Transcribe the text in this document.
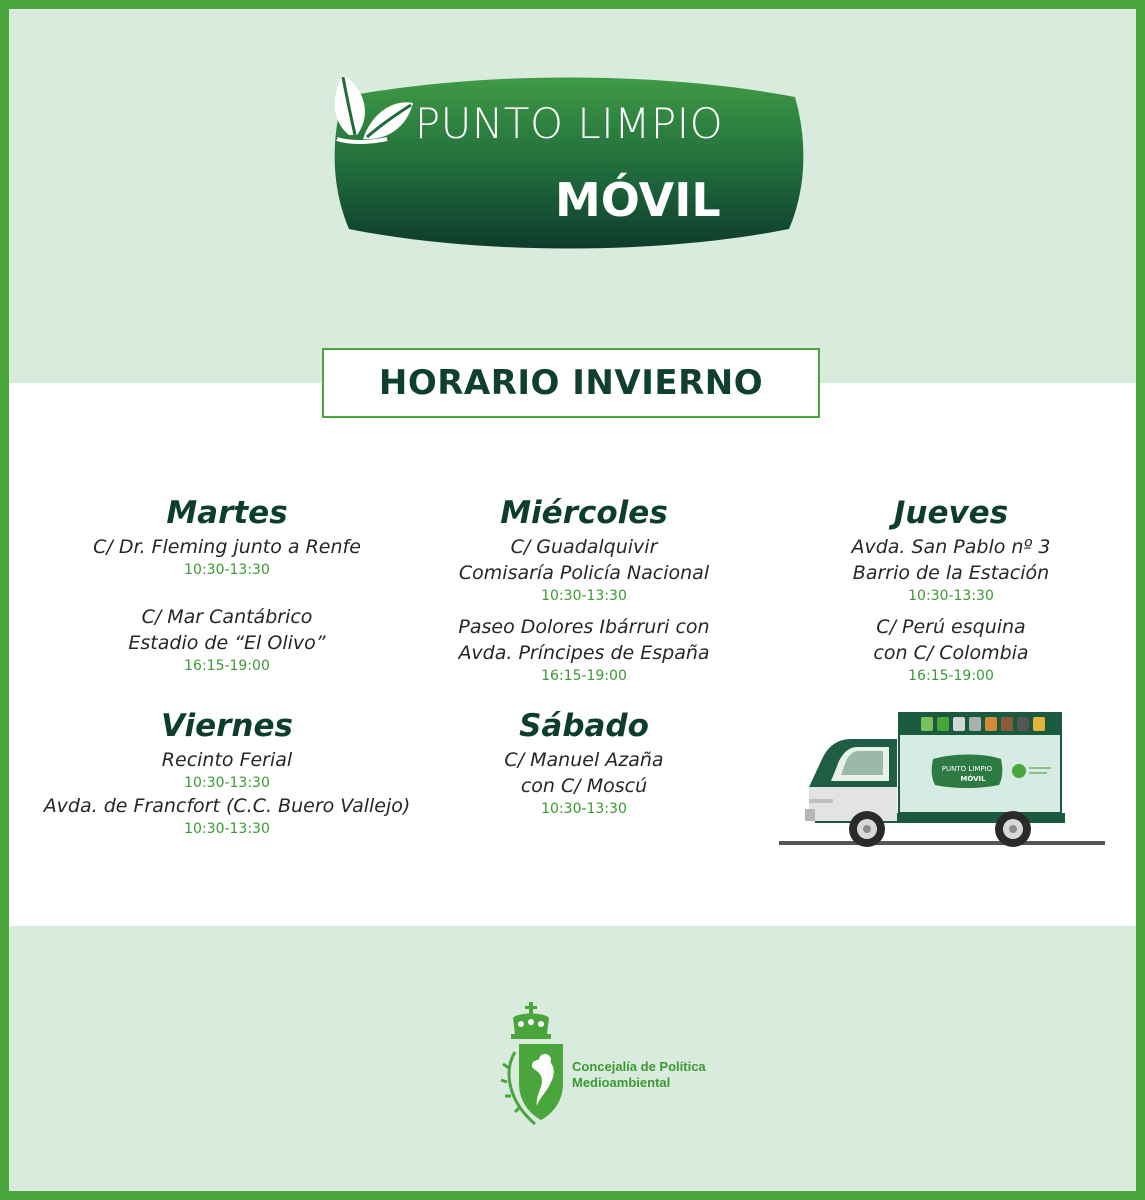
PUNTO LIMPIO
MÓVIL
HORARIO INVIERNO
Martes
C/ Dr. Fleming junto a Renfe
10:30-13:30
C/ Mar Cantábrico
Estadio de “El Olivo”
16:15-19:00
Miércoles
C/ Guadalquivir
Comisaría Policía Nacional
10:30-13:30
Paseo Dolores Ibárruri con
Avda. Príncipes de España
16:15-19:00
Jueves
Avda. San Pablo nº 3
Barrio de la Estación
10:30-13:30
C/ Perú esquina
con C/ Colombia
16:15-19:00
Viernes
Recinto Ferial
10:30-13:30
Avda. de Francfort (C.C. Buero Vallejo)
10:30-13:30
Sábado
C/ Manuel Azaña
con C/ Moscú
10:30-13:30
PUNTO LIMPIO
MÓVIL
Concejalía de Política
Medioambiental
